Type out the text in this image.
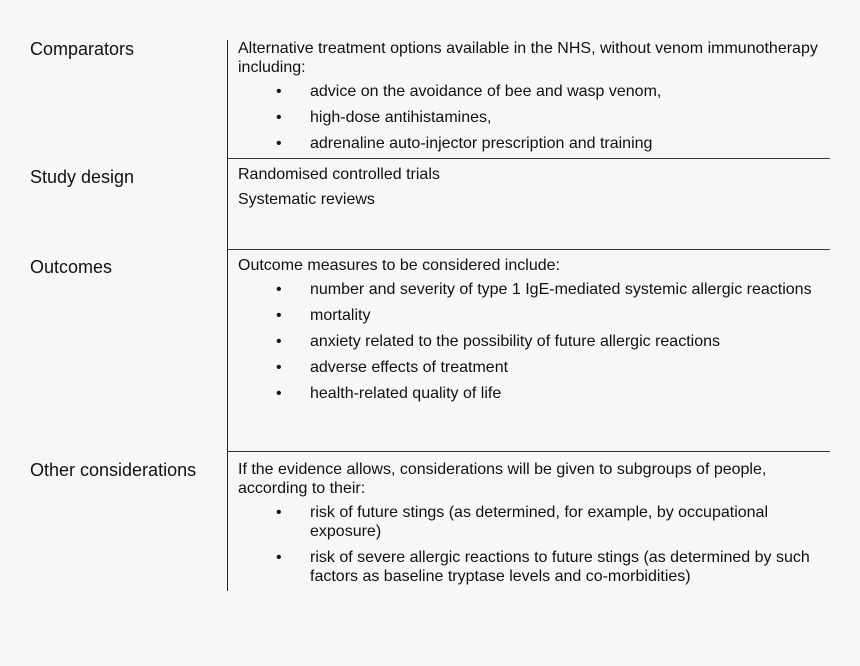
Comparators	Alternative treatment options available in the NHS, without venom immunotherapy including:

• advice on the avoidance of bee and wasp venom,
• high-dose antihistamines,
• adrenaline auto-injector prescription and training
Study design	Randomised controlled trials

Systematic reviews

Outcomes	Outcome measures to be considered include:

• number and severity of type 1 IgE-mediated systemic allergic reactions
• mortality
• anxiety related to the possibility of future allergic reactions
• adverse effects of treatment
• health-related quality of life
Other considerations	If the evidence allows, considerations will be given to subgroups of people, according to their:

• risk of future stings (as determined, for example, by occupational exposure)
• risk of severe allergic reactions to future stings (as determined by such factors as baseline tryptase levels and co-morbidities)
